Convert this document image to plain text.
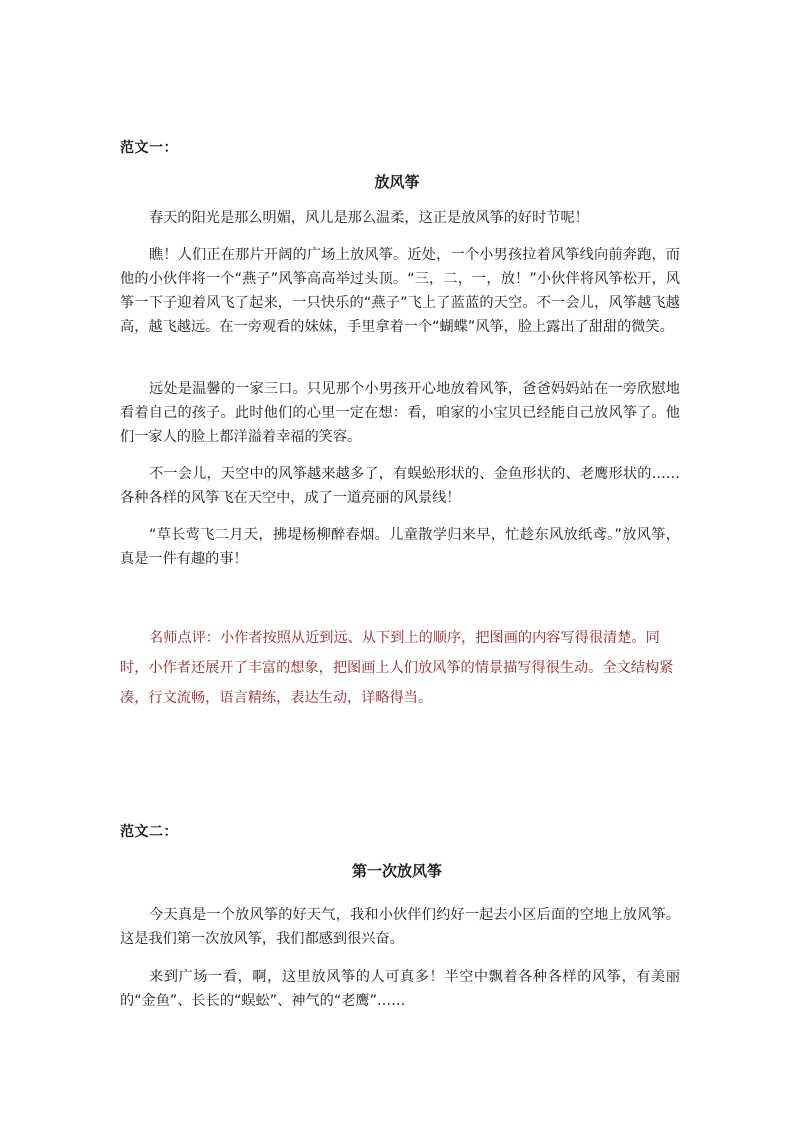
范文一：
放风筝

春天的阳光是那么明媚，风儿是那么温柔，这正是放风筝的好时节呢！

瞧！人们正在那片开阔的广场上放风筝。近处，一个小男孩拉着风筝线向前奔跑，而他的小伙伴将一个“燕子”风筝高高举过头顶。“三，二，一，放！”小伙伴将风筝松开，风筝一下子迎着风飞了起来，一只快乐的“燕子”飞上了蓝蓝的天空。不一会儿，风筝越飞越高，越飞越远。在一旁观看的妹妹，手里拿着一个“蝴蝶”风筝，脸上露出了甜甜的微笑。

远处是温馨的一家三口。只见那个小男孩开心地放着风筝，爸爸妈妈站在一旁欣慰地看着自己的孩子。此时他们的心里一定在想：看，咱家的小宝贝已经能自己放风筝了。他们一家人的脸上都洋溢着幸福的笑容。

不一会儿，天空中的风筝越来越多了，有蜈蚣形状的、金鱼形状的、老鹰形状的……各种各样的风筝飞在天空中，成了一道亮丽的风景线！

“草长莺飞二月天，拂堤杨柳醉春烟。儿童散学归来早，忙趁东风放纸鸢。”放风筝，真是一件有趣的事！

名师点评：小作者按照从近到远、从下到上的顺序，把图画的内容写得很清楚。同时，小作者还展开了丰富的想象，把图画上人们放风筝的情景描写得很生动。全文结构紧凑，行文流畅，语言精练，表达生动，详略得当。

范文二：
第一次放风筝

今天真是一个放风筝的好天气，我和小伙伴们约好一起去小区后面的空地上放风筝。这是我们第一次放风筝，我们都感到很兴奋。

来到广场一看，啊，这里放风筝的人可真多！半空中飘着各种各样的风筝，有美丽的“金鱼”、长长的“蜈蚣”、神气的“老鹰”……
